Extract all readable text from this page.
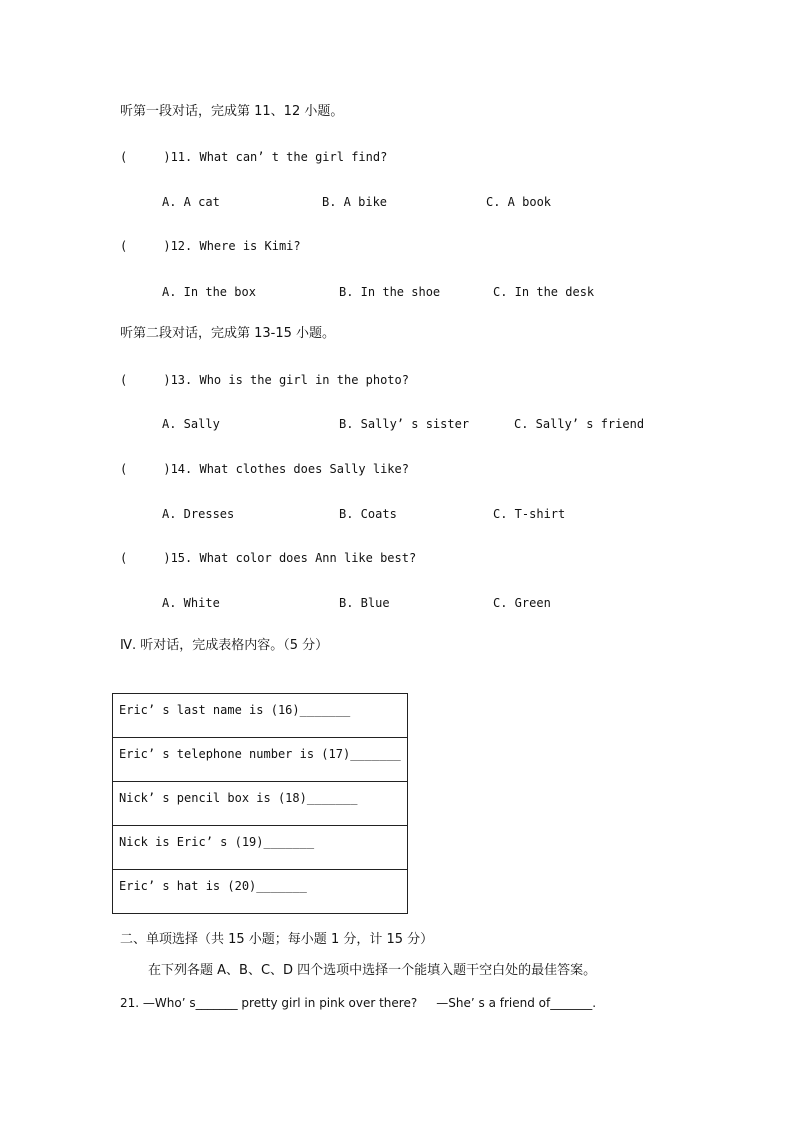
听第一段对话，完成第 11、12 小题。
(     )11. What can’ t the girl find?
A. A cat	B. A bike	C. A book
(     )12. Where is Kimi?
A. In the box	B. In the shoe	C. In the desk
听第二段对话，完成第 13-15 小题。
(     )13. Who is the girl in the photo?
A. Sally	B. Sally’ s sister	C. Sally’ s friend
(     )14. What clothes does Sally like?
A. Dresses	B. Coats	C. T-shirt
(     )15. What color does Ann like best?
A. White	B. Blue	C. Green
Ⅳ. 听对话，完成表格内容。（5 分）
Eric’ s last name is (16)_______
Eric’ s telephone number is (17)_______
Nick’ s pencil box is (18)_______
Nick is Eric’ s (19)_______
Eric’ s hat is (20)_______
二、单项选择（共 15 小题；每小题 1 分，计 15 分）
在下列各题 A、B、C、D 四个选项中选择一个能填入题干空白处的最佳答案。
21. —Who’ s_______ pretty girl in pink over there?     —She’ s a friend of_______.
